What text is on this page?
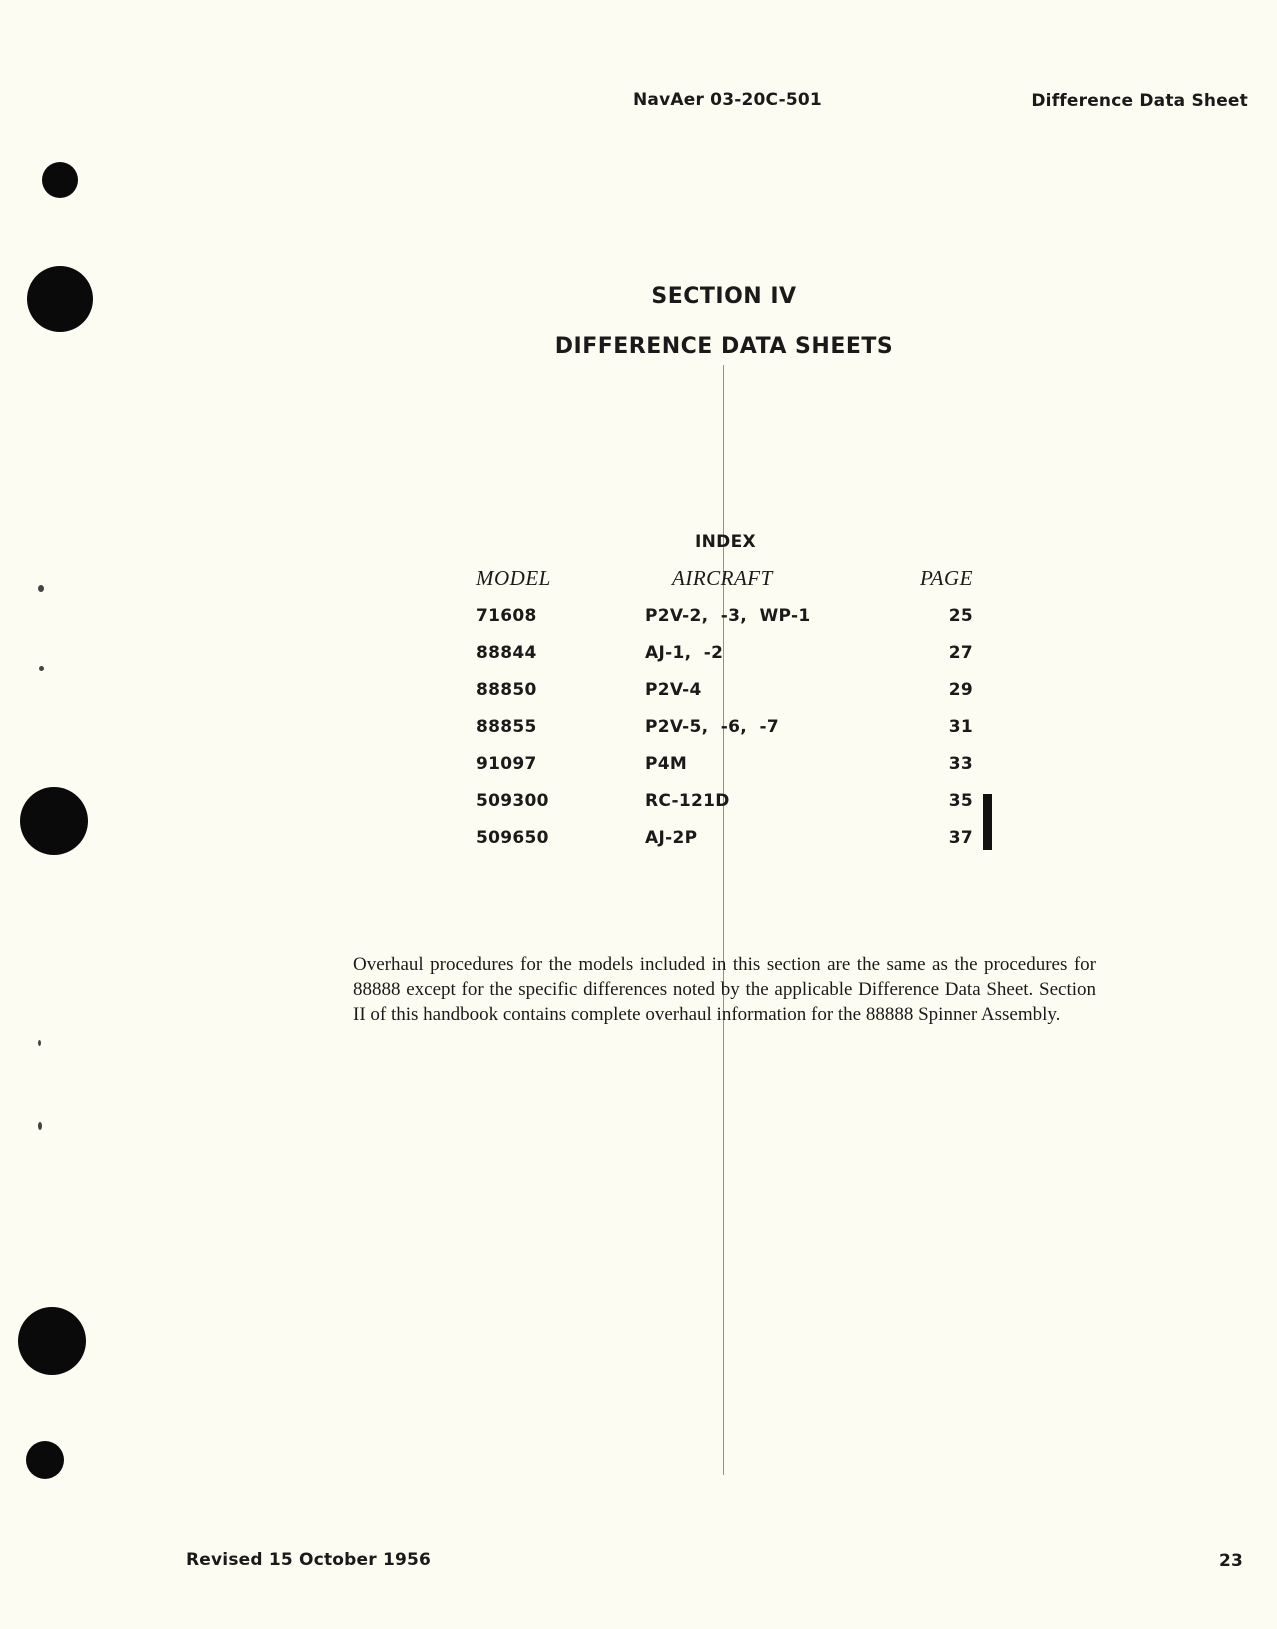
NavAer 03-20C-501	Difference Data Sheet
SECTION IV
DIFFERENCE DATA SHEETS
INDEX
MODEL	AIRCRAFT	PAGE
71608	P2V-2,  -3,  WP-1	25
88844	AJ-1,  -2	27
88850	P2V-4	29
88855	P2V-5,  -6,  -7	31
91097	P4M	33
509300	RC-121D	35
509650	AJ-2P	37
Overhaul procedures for the models included in this section are the same as the procedures for 88888 except for the specific differences noted by the applicable Difference Data Sheet. Section II of this handbook contains complete overhaul information for the 88888 Spinner Assembly.
Revised 15 October 1956	23
